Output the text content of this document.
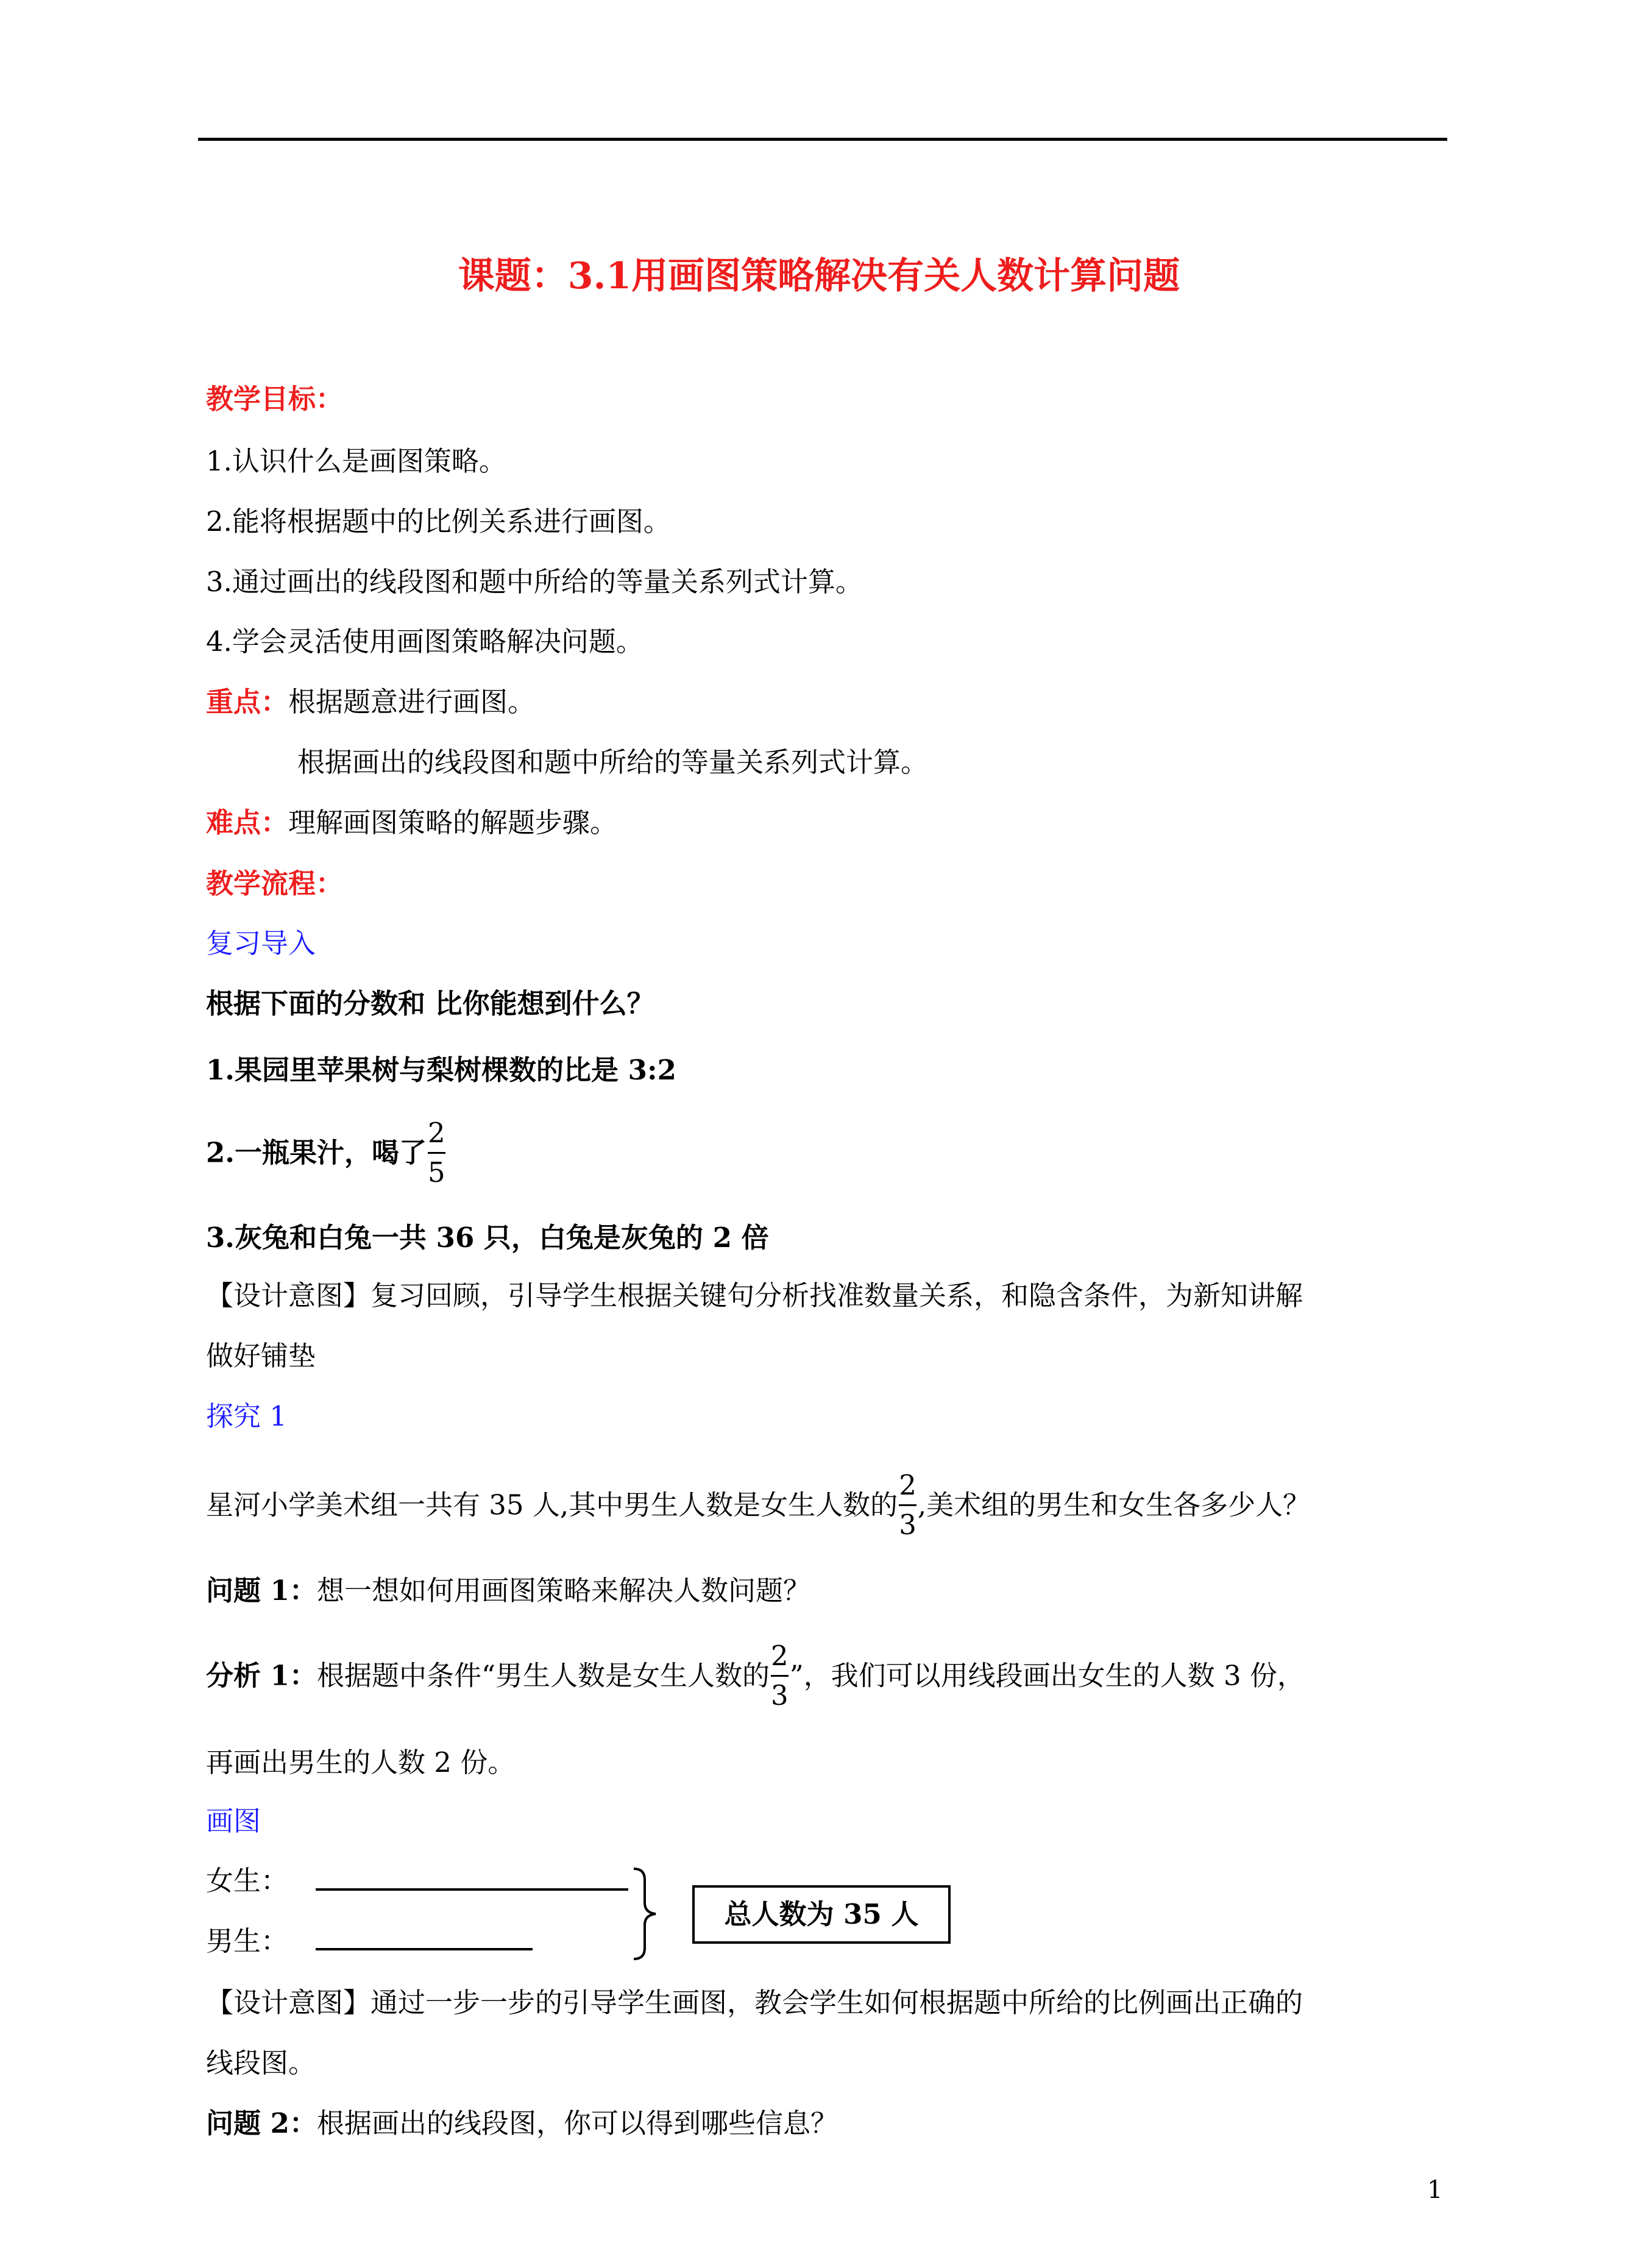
课题：3.1用画图策略解决有关人数计算问题
教学目标：
1.认识什么是画图策略。
2.能将根据题中的比例关系进行画图。
3.通过画出的线段图和题中所给的等量关系列式计算。
4.学会灵活使用画图策略解决问题。
重点：根据题意进行画图。
根据画出的线段图和题中所给的等量关系列式计算。
难点：理解画图策略的解题步骤。
教学流程：
复习导入
根据下面的分数和 比你能想到什么？
1.果园里苹果树与梨树棵数的比是 3:2
2.一瓶果汁，喝了 $\frac{2}{5}$
3.灰兔和白兔一共 36 只，白兔是灰兔的 2 倍
【设计意图】复习回顾，引导学生根据关键句分析找准数量关系，和隐含条件，为新知讲解
做好铺垫
探究 1
星河小学美术组一共有 35 人,其中男生人数是女生人数的 $\frac{2}{3}$ ,美术组的男生和女生各多少人？
问题 1：想一想如何用画图策略来解决人数问题？
分析 1：根据题中条件“男生人数是女生人数的 $\frac{2}{3}$ ”，我们可以用线段画出女生的人数 3 份，
再画出男生的人数 2 份。
画图
女生：
男生：
总人数为 35 人
【设计意图】通过一步一步的引导学生画图，教会学生如何根据题中所给的比例画出正确的
线段图。
问题 2：根据画出的线段图，你可以得到哪些信息？
1
